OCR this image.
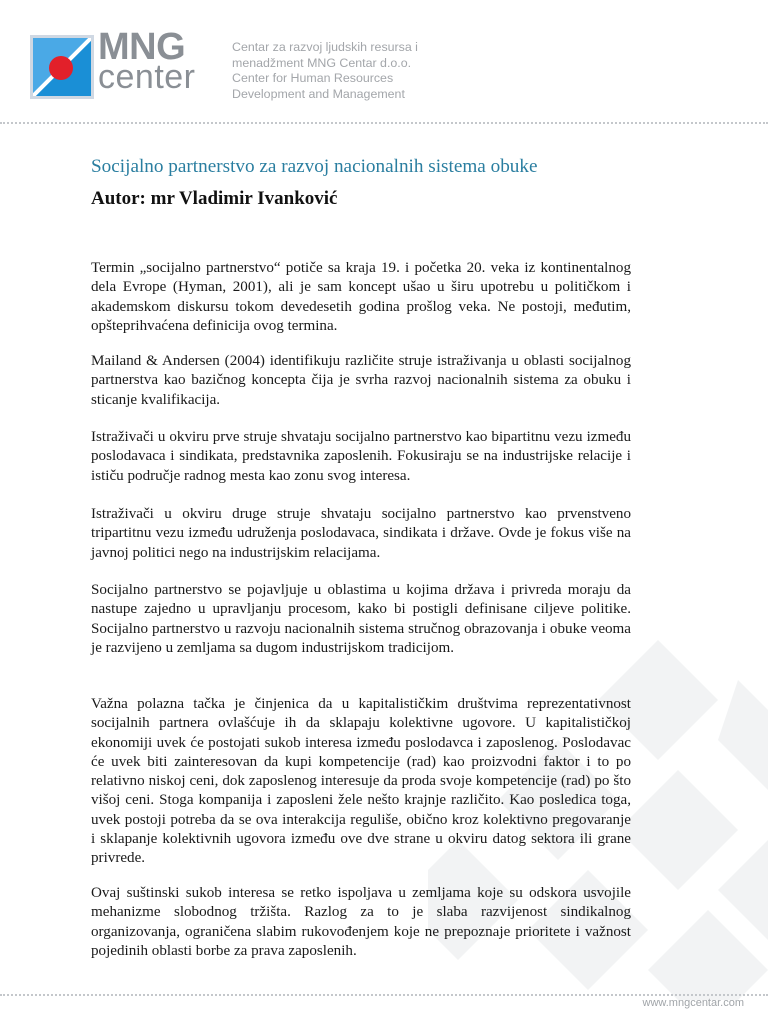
MNG
center
Centar za razvoj ljudskih resursa i
menadžment MNG Centar d.o.o.
Center for Human Resources
Development and Management
Socijalno partnerstvo za razvoj nacionalnih sistema obuke
Autor: mr Vladimir Ivanković

Termin „socijalno partnerstvo“ potiče sa kraja 19. i početka 20. veka iz kontinentalnog dela Evrope (Hyman, 2001), ali je sam koncept ušao u širu upotrebu u političkom i akademskom diskursu tokom devedesetih godina prošlog veka. Ne postoji, međutim, opšteprihvaćena definicija ovog termina.

Mailand & Andersen (2004) identifikuju različite struje istraživanja u oblasti socijalnog partnerstva kao bazičnog koncepta čija je svrha razvoj nacionalnih sistema za obuku i sticanje kvalifikacija.

Istraživači u okviru prve struje shvataju socijalno partnerstvo kao bipartitnu vezu između poslodavaca i sindikata, predstavnika zaposlenih. Fokusiraju se na industrijske relacije i ističu područje radnog mesta kao zonu svog interesa.

Istraživači u okviru druge struje shvataju socijalno partnerstvo kao prvenstveno tripartitnu vezu između udruženja poslodavaca, sindikata i države. Ovde je fokus više na javnoj politici nego na industrijskim relacijama.

Socijalno partnerstvo se pojavljuje u oblastima u kojima država i privreda moraju da nastupe zajedno u upravljanju procesom, kako bi postigli definisane ciljeve politike. Socijalno partnerstvo u razvoju nacionalnih sistema stručnog obrazovanja i obuke veoma je razvijeno u zemljama sa dugom industrijskom tradicijom.

Važna polazna tačka je činjenica da u kapitalističkim društvima reprezentativnost socijalnih partnera ovlašćuje ih da sklapaju kolektivne ugovore. U kapitalističkoj ekonomiji uvek će postojati sukob interesa između poslodavca i zaposlenog. Poslodavac će uvek biti zainteresovan da kupi kompetencije (rad) kao proizvodni faktor i to po relativno niskoj ceni, dok zaposlenog interesuje da proda svoje kompetencije (rad) po što višoj ceni. Stoga kompanija i zaposleni žele nešto krajnje različito. Kao posledica toga, uvek postoji potreba da se ova interakcija reguliše, obično kroz kolektivno pregovaranje i sklapanje kolektivnih ugovora između ove dve strane u okviru datog sektora ili grane privrede.

Ovaj suštinski sukob interesa se retko ispoljava u zemljama koje su odskora usvojile mehanizme slobodnog tržišta. Razlog za to je slaba razvijenost sindikalnog organizovanja, ograničena slabim rukovođenjem koje ne prepoznaje prioritete i važnost pojedinih oblasti borbe za prava zaposlenih.

www.mngcentar.com
